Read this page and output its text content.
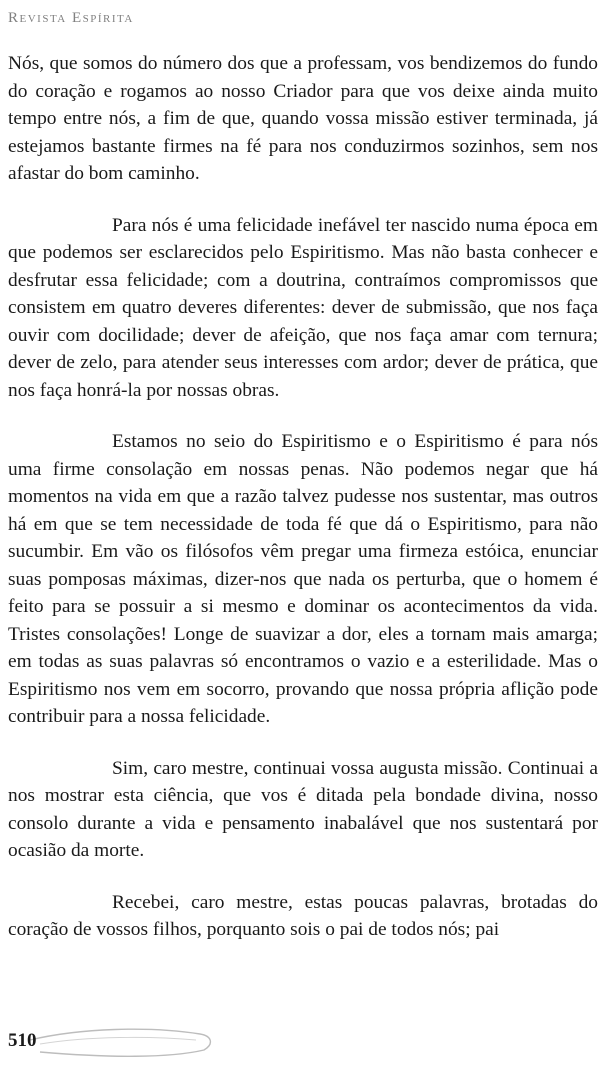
Revista Espírita

Nós, que somos do número dos que a professam, vos bendizemos do fundo do coração e rogamos ao nosso Criador para que vos deixe ainda muito tempo entre nós, a fim de que, quando vossa missão estiver terminada, já estejamos bastante firmes na fé para nos conduzirmos sozinhos, sem nos afastar do bom caminho.

Para nós é uma felicidade inefável ter nascido numa época em que podemos ser esclarecidos pelo Espiritismo. Mas não basta conhecer e desfrutar essa felicidade; com a doutrina, contraímos compromissos que consistem em quatro deveres diferentes: dever de submissão, que nos faça ouvir com docilidade; dever de afeição, que nos faça amar com ternura; dever de zelo, para atender seus interesses com ardor; dever de prática, que nos faça honrá-la por nossas obras.

Estamos no seio do Espiritismo e o Espiritismo é para nós uma firme consolação em nossas penas. Não podemos negar que há momentos na vida em que a razão talvez pudesse nos sustentar, mas outros há em que se tem necessidade de toda fé que dá o Espiritismo, para não sucumbir. Em vão os filósofos vêm pregar uma firmeza estóica, enunciar suas pomposas máximas, dizer-nos que nada os perturba, que o homem é feito para se possuir a si mesmo e dominar os acontecimentos da vida. Tristes consolações! Longe de suavizar a dor, eles a tornam mais amarga; em todas as suas palavras só encontramos o vazio e a esterilidade. Mas o Espiritismo nos vem em socorro, provando que nossa própria aflição pode contribuir para a nossa felicidade.

Sim, caro mestre, continuai vossa augusta missão. Continuai a nos mostrar esta ciência, que vos é ditada pela bondade divina, nosso consolo durante a vida e pensamento inabalável que nos sustentará por ocasião da morte.

Recebei, caro mestre, estas poucas palavras, brotadas do coração de vossos filhos, porquanto sois o pai de todos nós; pai

510
